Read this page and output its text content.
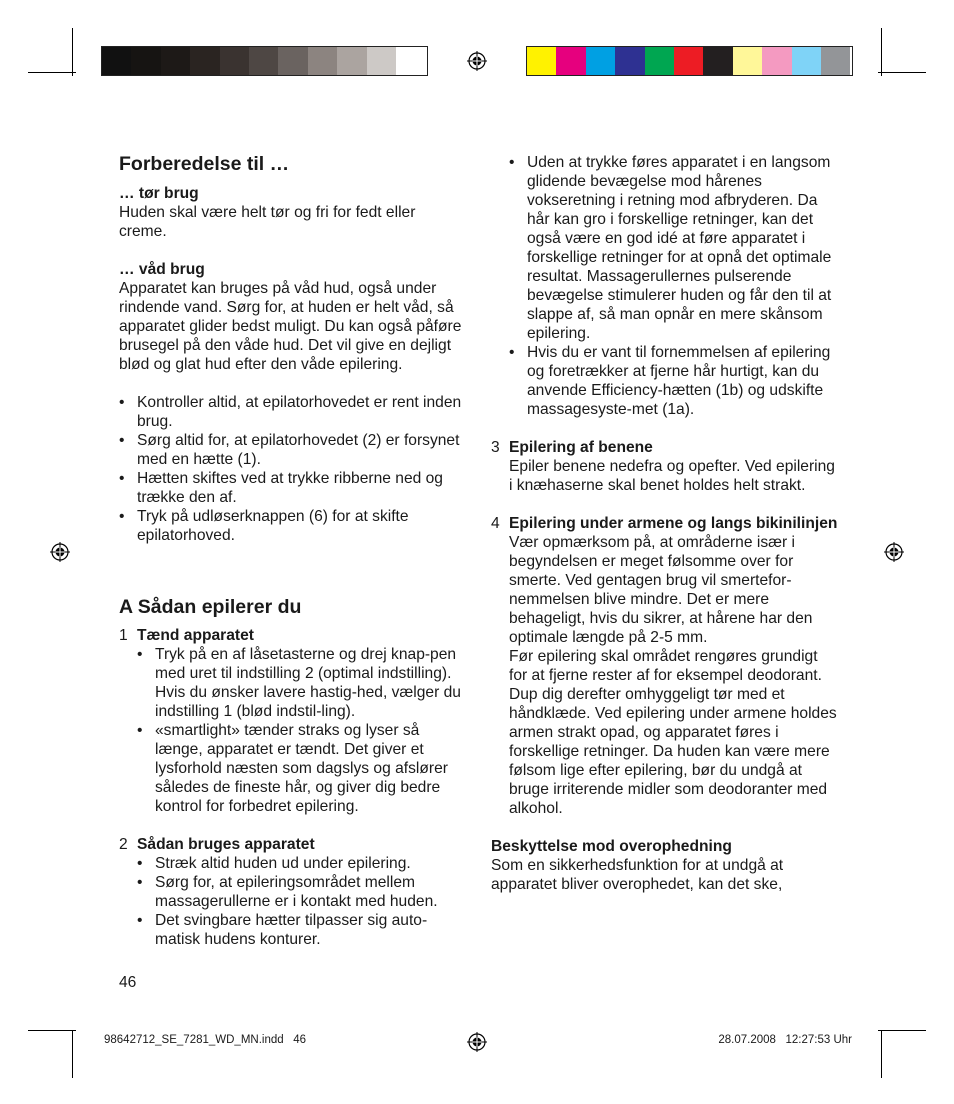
Forberedelse til …

… tør brug

Huden skal være helt tør og fri for fedt eller creme.

… våd brug

Apparatet kan bruges på våd hud, også under rindende vand. Sørg for, at huden er helt våd, så apparatet glider bedst muligt. Du kan også påføre brusegel på den våde hud. Det vil give en dejligt blød og glat hud efter den våde epilering.

• Kontroller altid, at epilatorhovedet er rent inden brug.
• Sørg altid for, at epilatorhovedet (2) er forsynet med en hætte (1).
• Hætten skiftes ved at trykke ribberne ned og trække den af.
• Tryk på udløserknappen (6) for at skifte epilatorhoved.
A Sådan epilerer du
1 Tænd apparatet

• Tryk på en af låsetasterne og drej knap-pen med uret til indstilling 2 (optimal indstilling). Hvis du ønsker lavere hastig-hed, vælger du indstilling 1 (blød indstil-ling).
• «smartlight» tænder straks og lyser så længe, apparatet er tændt. Det giver et lysforhold næsten som dagslys og afslører således de fineste hår, og giver dig bedre kontrol for forbedret epilering.
2 Sådan bruges apparatet

• Stræk altid huden ud under epilering.
• Sørg for, at epileringsområdet mellem massagerullerne er i kontakt med huden.
• Det svingbare hætter tilpasser sig auto-matisk hudens konturer.
46
• Uden at trykke føres apparatet i en langsom glidende bevægelse mod hårenes vokseretning i retning mod afbryderen. Da hår kan gro i forskellige retninger, kan det også være en god idé at føre apparatet i forskellige retninger for at opnå det optimale resultat. Massagerullernes pulserende bevægelse stimulerer huden og får den til at slappe af, så man opnår en mere skånsom epilering.
• Hvis du er vant til fornemmelsen af epilering og foretrækker at fjerne hår hurtigt, kan du anvende Efficiency-hætten (1b) og udskifte massagesyste-met (1a).
3 Epilering af benene

Epiler benene nedefra og opefter. Ved epilering i knæhaserne skal benet holdes helt strakt.

4 Epilering under armene og langs bikinilinjen

Vær opmærksom på, at områderne især i begyndelsen er meget følsomme over for smerte. Ved gentagen brug vil smertefor-nemmelsen blive mindre. Det er mere behageligt, hvis du sikrer, at hårene har den optimale længde på 2-5 mm.

Før epilering skal området rengøres grundigt for at fjerne rester af for eksempel deodorant. Dup dig derefter omhyggeligt tør med et håndklæde. Ved epilering under armene holdes armen strakt opad, og apparatet føres i forskellige retninger. Da huden kan være mere følsom lige efter epilering, bør du undgå at bruge irriterende midler som deodoranter med alkohol.

Beskyttelse mod overophedning

Som en sikkerhedsfunktion for at undgå at apparatet bliver overophedet, kan det ske,

98642712_SE_7281_WD_MN.indd   46	28.07.2008   12:27:53 Uhr
